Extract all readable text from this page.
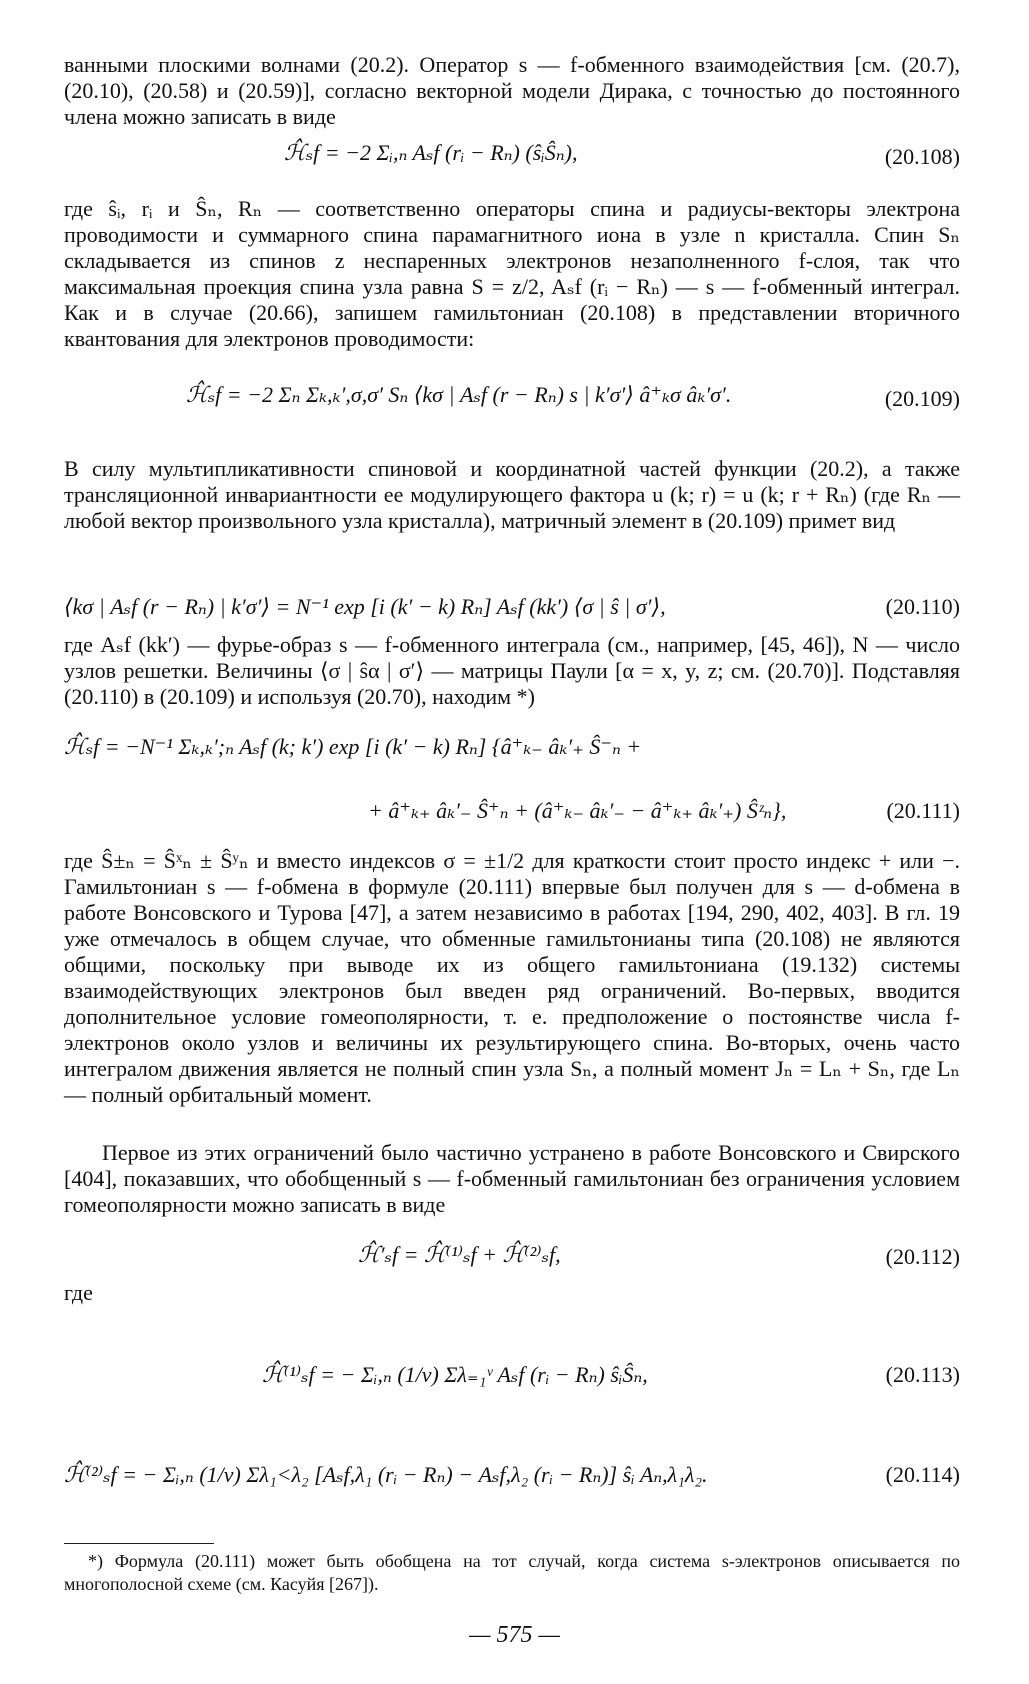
ванными плоскими волнами (20.2). Оператор s — f-обменного взаимодействия [см. (20.7), (20.10), (20.58) и (20.59)], согласно векторной модели Дирака, с точностью до постоянного члена можно записать в виде

ℋ̂ₛf = −2 Σᵢ,ₙ Aₛf (rᵢ − Rₙ) (ŝᵢŜₙ),	(20.108)

где ŝᵢ, rᵢ и Ŝₙ, Rₙ — соответственно операторы спина и радиусы-векторы электрона проводимости и суммарного спина парамагнитного иона в узле n кристалла. Спин Sₙ складывается из спинов z неспаренных электронов незаполненного f-слоя, так что максимальная проекция спина узла равна S = z/2, Aₛf (rᵢ − Rₙ) — s — f-обменный интеграл. Как и в случае (20.66), запишем гамильтониан (20.108) в представлении вторичного квантования для электронов проводимости:

ℋ̂ₛf = −2 Σₙ Σₖ,ₖ′,σ,σ′ Sₙ ⟨kσ | Aₛf (r − Rₙ) s | k′σ′⟩ â⁺ₖσ âₖ′σ′.	(20.109)

В силу мультипликативности спиновой и координатной частей функции (20.2), а также трансляционной инвариантности ее модулирующего фактора u (k; r) = u (k; r + Rₙ) (где Rₙ — любой вектор произвольного узла кристалла), матричный элемент в (20.109) примет вид

⟨kσ | Aₛf (r − Rₙ) | k′σ′⟩ = N⁻¹ exp [i (k′ − k) Rₙ] Aₛf (kk′) ⟨σ | ŝ | σ′⟩,	(20.110)

где Aₛf (kk′) — фурье-образ s — f-обменного интеграла (см., например, [45, 46]), N — число узлов решетки. Величины ⟨σ | ŝα | σ′⟩ — матрицы Паули [α = x, y, z; см. (20.70)]. Подставляя (20.110) в (20.109) и используя (20.70), находим *)

ℋ̂ₛf = −N⁻¹ Σₖ,ₖ′;ₙ Aₛf (k; k′) exp [i (k′ − k) Rₙ] {â⁺ₖ₋ âₖ′₊ Ŝ⁻ₙ +
+ â⁺ₖ₊ âₖ′₋ Ŝ⁺ₙ + (â⁺ₖ₋ âₖ′₋ − â⁺ₖ₊ âₖ′₊) Ŝᶻₙ},	(20.111)

где Ŝ±ₙ = Ŝˣₙ ± Ŝʸₙ и вместо индексов σ = ±1/2 для краткости стоит просто индекс + или −. Гамильтониан s — f-обмена в формуле (20.111) впервые был получен для s — d-обмена в работе Вонсовского и Турова [47], а затем независимо в работах [194, 290, 402, 403]. В гл. 19 уже отмечалось в общем случае, что обменные гамильтонианы типа (20.108) не являются общими, поскольку при выводе их из общего гамильтониана (19.132) системы взаимодействующих электронов был введен ряд ограничений. Во-первых, вводится дополнительное условие гомеополярности, т. е. предположение о постоянстве числа f-электронов около узлов и величины их результирующего спина. Во-вторых, очень часто интегралом движения является не полный спин узла Sₙ, а полный момент Jₙ = Lₙ + Sₙ, где Lₙ — полный орбитальный момент.

Первое из этих ограничений было частично устранено в работе Вонсовского и Свирского [404], показавших, что обобщенный s — f-обменный гамильтониан без ограничения условием гомеополярности можно записать в виде

ℋ̂′ₛf = ℋ̂⁽¹⁾ₛf + ℋ̂⁽²⁾ₛf,	(20.112)
где
ℋ̂⁽¹⁾ₛf = − Σᵢ,ₙ (1/ν) Σλ₌₁ᵛ Aₛf (rᵢ − Rₙ) ŝᵢŜₙ,	(20.113)
ℋ̂⁽²⁾ₛf = − Σᵢ,ₙ (1/ν) Σλ₁<λ₂ [Aₛf,λ₁ (rᵢ − Rₙ) − Aₛf,λ₂ (rᵢ − Rₙ)] ŝᵢ Aₙ,λ₁λ₂.	(20.114)

*) Формула (20.111) может быть обобщена на тот случай, когда система s-электронов описывается по многополосной схеме (см. Касуйя [267]).

— 575 —
